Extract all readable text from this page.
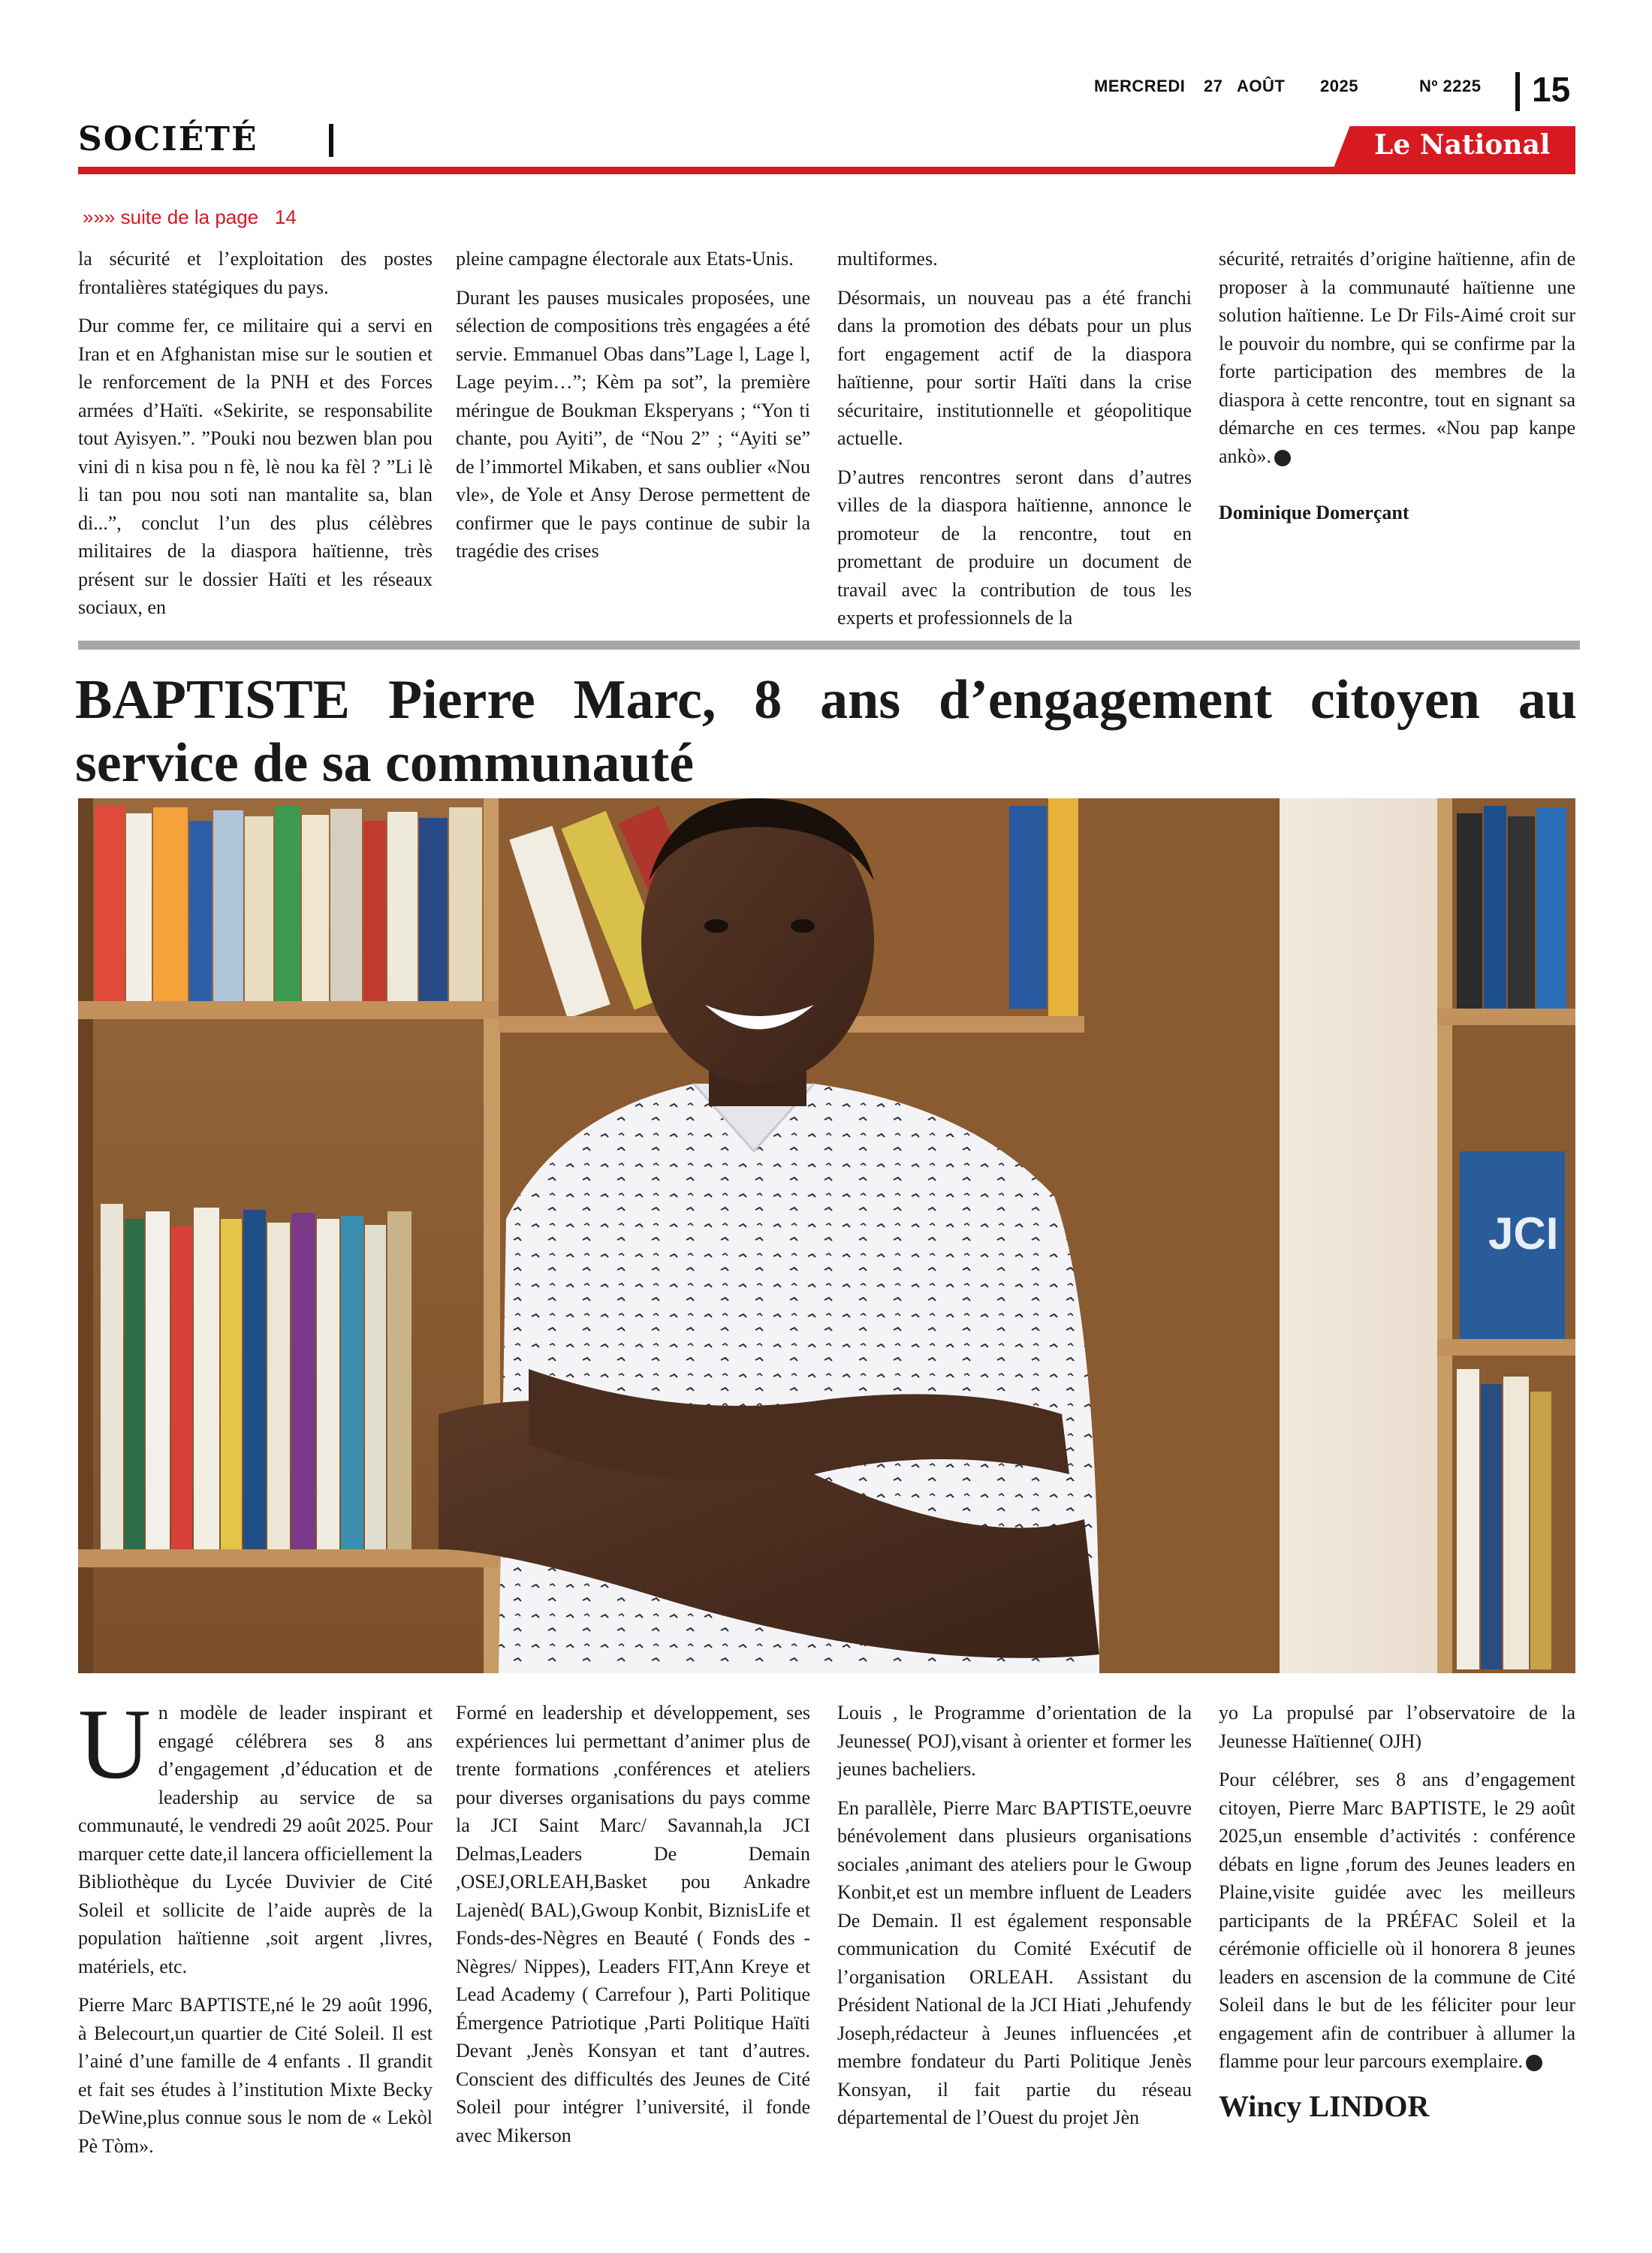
MERCREDI 27 AOÛT 2025	Nº 2225 15
SOCIÉTÉ	Le National
»»» suite de la page 14

la sécurité et l’exploitation des postes frontalières statégiques du pays.

Dur comme fer, ce militaire qui a servi en Iran et en Afghanistan mise sur le soutien et le renforcement de la PNH et des Forces armées d’Haïti. «Sekirite, se responsabilite tout Ayisyen.”. ”Pouki nou bezwen blan pou vini di n kisa pou n fè, lè nou ka fèl ? ”Li lè li tan pou nou soti nan mantalite sa, blan di...”, conclut l’un des plus célèbres militaires de la diaspora haïtienne, très présent sur le dossier Haïti et les réseaux sociaux, en

pleine campagne électorale aux Etats-Unis.

Durant les pauses musicales proposées, une sélection de compositions très engagées a été servie. Emmanuel Obas dans”Lage l, Lage l, Lage peyim…”; Kèm pa sot”, la première méringue de Boukman Eksperyans ; “Yon ti chante, pou Ayiti”, de “Nou 2” ; “Ayiti se” de l’immortel Mikaben, et sans oublier «Nou vle», de Yole et Ansy Derose permettent de confirmer que le pays continue de subir la tragédie des crises

multiformes.

Désormais, un nouveau pas a été franchi dans la promotion des débats pour un plus fort engagement actif de la diaspora haïtienne, pour sortir Haïti dans la crise sécuritaire, institutionnelle et géopolitique actuelle.

D’autres rencontres seront dans d’autres villes de la diaspora haïtienne, annonce le promoteur de la rencontre, tout en promettant de produire un document de travail avec la contribution de tous les experts et professionnels de la

sécurité, retraités d’origine haïtienne, afin de proposer à la communauté haïtienne une solution haïtienne. Le Dr Fils-Aimé croit sur le pouvoir du nombre, qui se confirme par la forte participation des membres de la diaspora à cette rencontre, tout en signant sa démarche en ces termes. «Nou pap kanpe ankò».

Dominique Domerçant

BAPTISTE Pierre Marc, 8 ans d’engagement citoyen au service de sa communauté
JCI

Un modèle de leader inspirant et engagé célébrera ses 8 ans d’engagement ,d’éducation et de leadership au service de sa communauté, le vendredi 29 août 2025. Pour marquer cette date,il lancera officiellement la Bibliothèque du Lycée Duvivier de Cité Soleil et sollicite de l’aide auprès de la population haïtienne ,soit argent ,livres, matériels, etc.

Pierre Marc BAPTISTE,né le 29 août 1996, à Belecourt,un quartier de Cité Soleil. Il est l’ainé d’une famille de 4 enfants . Il grandit et fait ses études à l’institution Mixte Becky DeWine,plus connue sous le nom de « Lekòl Pè Tòm».

Formé en leadership et développement, ses expériences lui permettant d’animer plus de trente formations ,conférences et ateliers pour diverses organisations du pays comme la JCI Saint Marc/ Savannah,la JCI Delmas,Leaders De Demain ,OSEJ,ORLEAH,Basket pou Ankadre Lajenèd( BAL),Gwoup Konbit, BiznisLife et Fonds-des-Nègres en Beauté ( Fonds des -Nègres/ Nippes), Leaders FIT,Ann Kreye et Lead Academy ( Carrefour ), Parti Politique Émergence Patriotique ,Parti Politique Haïti Devant ,Jenès Konsyan et tant d’autres. Conscient des difficultés des Jeunes de Cité Soleil pour intégrer l’université, il fonde avec Mikerson

Louis , le Programme d’orientation de la Jeunesse( POJ),visant à orienter et former les jeunes bacheliers.

En parallèle, Pierre Marc BAPTISTE,oeuvre bénévolement dans plusieurs organisations sociales ,animant des ateliers pour le Gwoup Konbit,et est un membre influent de Leaders De Demain. Il est également responsable communication du Comité Exécutif de l’organisation ORLEAH. Assistant du Président National de la JCI Hiati ,Jehufendy Joseph,rédacteur à Jeunes influencées ,et membre fondateur du Parti Politique Jenès Konsyan, il fait partie du réseau départemental de l’Ouest du projet Jèn

yo La propulsé par l’observatoire de la Jeunesse Haïtienne( OJH)

Pour célébrer, ses 8 ans d’engagement citoyen, Pierre Marc BAPTISTE, le 29 août 2025,un ensemble d’activités : conférence débats en ligne ,forum des Jeunes leaders en Plaine,visite guidée avec les meilleurs participants de la PRÉFAC Soleil et la cérémonie officielle où il honorera 8 jeunes leaders en ascension de la commune de Cité Soleil dans le but de les féliciter pour leur engagement afin de contribuer à allumer la flamme pour leur parcours exemplaire.

Wincy LINDOR
